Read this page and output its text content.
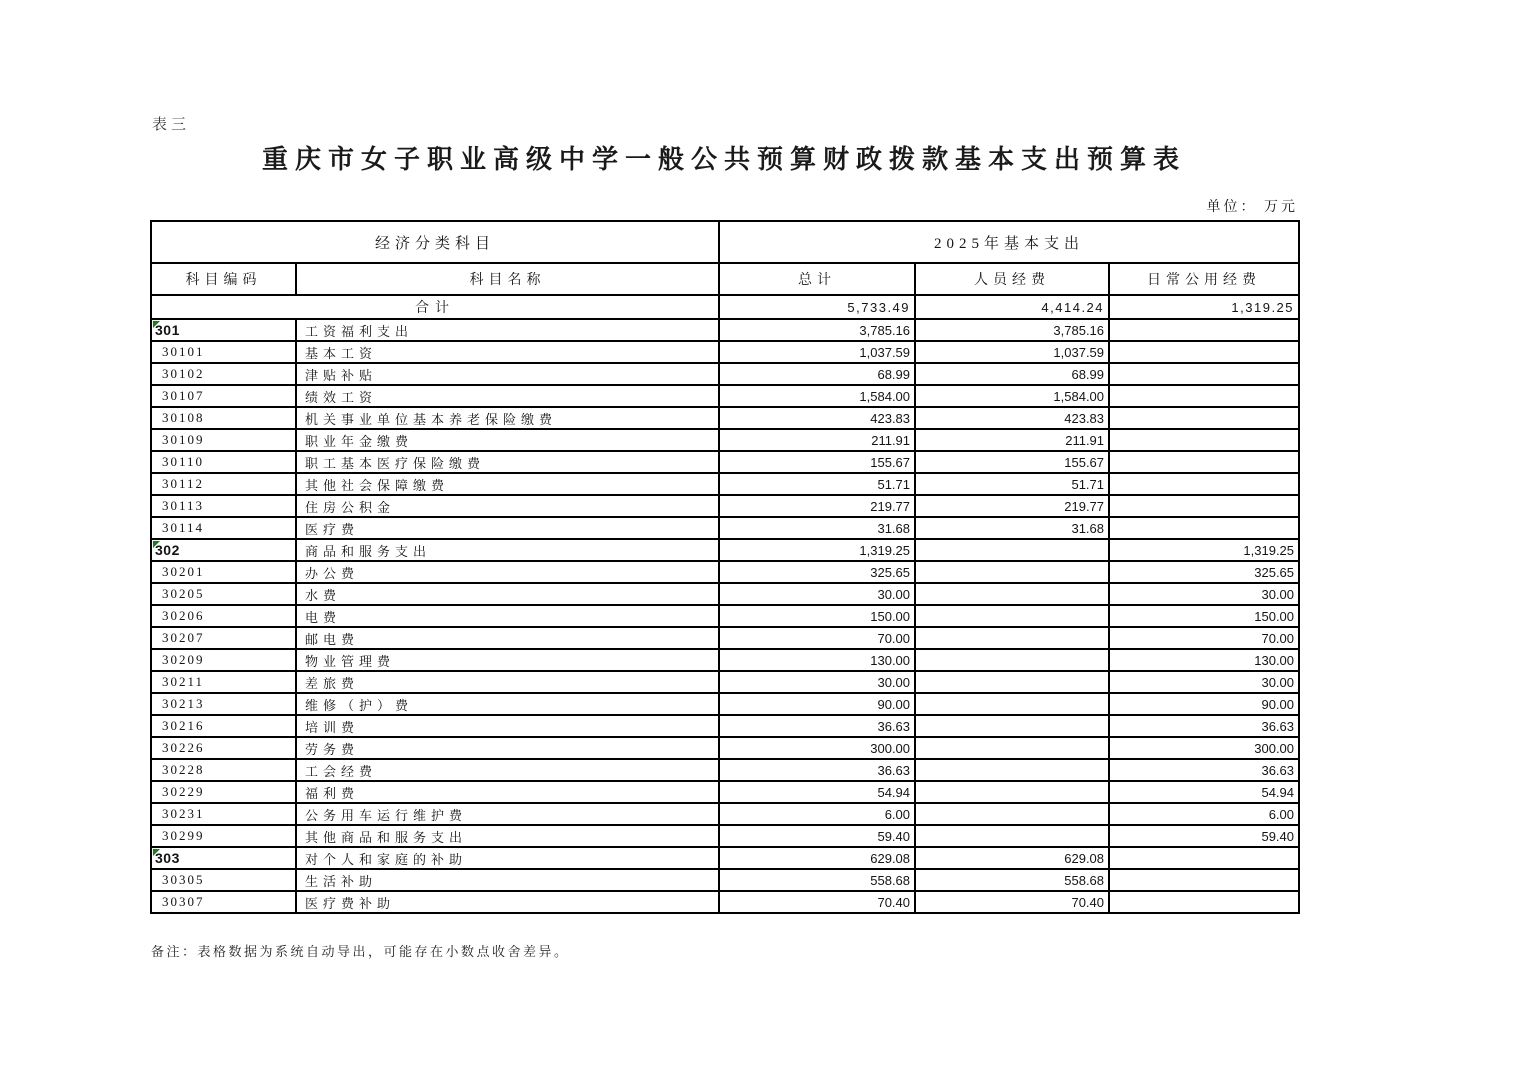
表三
重庆市女子职业高级中学一般公共预算财政拨款基本支出预算表
单位： 万元
经济分类科目		2025年基本支出		
科目编码	科目名称	总计	人员经费	日常公用经费
合计		5,733.49	4,414.24	1,319.25

301	工资福利支出	3,785.16	3,785.16	
30101	基本工资	1,037.59	1,037.59	
30102	津贴补贴	68.99	68.99	
30107	绩效工资	1,584.00	1,584.00	
30108	机关事业单位基本养老保险缴费	423.83	423.83	
30109	职业年金缴费	211.91	211.91	
30110	职工基本医疗保险缴费	155.67	155.67	
30112	其他社会保障缴费	51.71	51.71	
30113	住房公积金	219.77	219.77	
30114	医疗费	31.68	31.68	

302	商品和服务支出	1,319.25		1,319.25
30201	办公费	325.65		325.65
30205	水费	30.00		30.00
30206	电费	150.00		150.00
30207	邮电费	70.00		70.00
30209	物业管理费	130.00		130.00
30211	差旅费	30.00		30.00
30213	维修（护）费	90.00		90.00
30216	培训费	36.63		36.63
30226	劳务费	300.00		300.00
30228	工会经费	36.63		36.63
30229	福利费	54.94		54.94
30231	公务用车运行维护费	6.00		6.00
30299	其他商品和服务支出	59.40		59.40

303	对个人和家庭的补助	629.08	629.08	
30305	生活补助	558.68	558.68	
30307	医疗费补助	70.40	70.40	
备注：表格数据为系统自动导出，可能存在小数点收舍差异。
